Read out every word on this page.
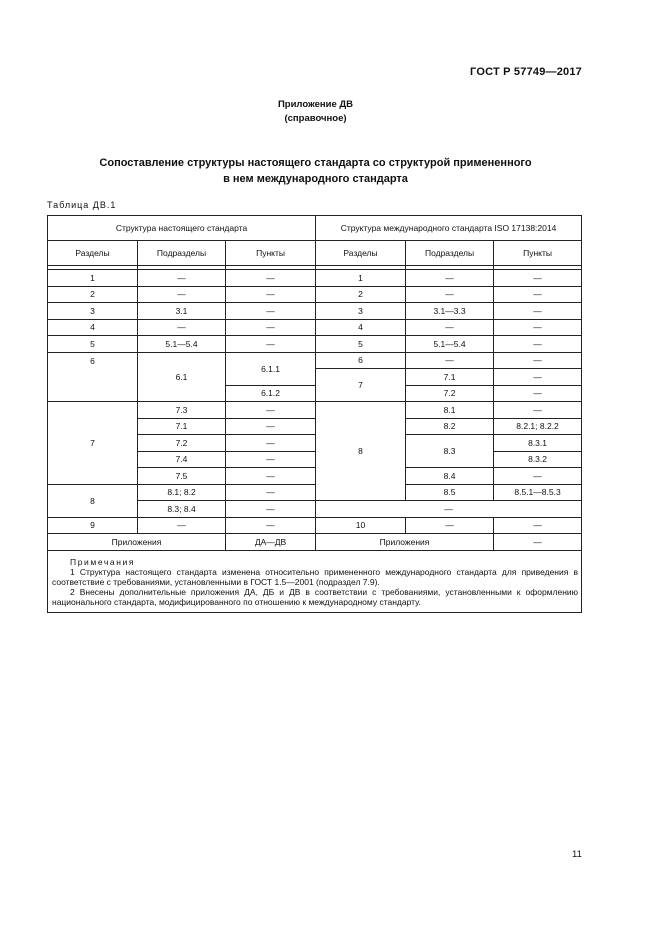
ГОСТ Р 57749—2017
Приложение ДВ
(справочное)
Сопоставление структуры настоящего стандарта со структурой примененного
в нем международного стандарта
Таблица ДВ.1
Структура настоящего стандарта			Структура международного стандарта ISO 17138:2014		
Разделы	Подразделы	Пункты	Разделы	Подразделы	Пункты

1	—	—	1	—	—
2	—	—	2	—	—
3	3.1	—	3	3.1—3.3	—
4	—	—	4	—	—
5	5.1—5.4	—	5	5.1—5.4	—
6	6.1	6.1.1	6	—	—
			7	7.1	—
		6.1.2		7.2	—
7	7.3	—	8	8.1	—
	7.1	—		8.2	8.2.1; 8.2.2
	7.2	—		8.3	8.3.1
	7.4	—			8.3.2
	7.5	—		8.4	—
8	8.1; 8.2	—		8.5	8.5.1—8.5.3
	8.3; 8.4	—	—		
9	—	—	10	—	—
Приложения		ДА—ДВ	Приложения		—

Примечания
1 Структура настоящего стандарта изменена относительно примененного международного стандарта для приведения в соответствие с требованиями, установленными в ГОСТ 1.5—2001 (подраздел 7.9).
2 Внесены дополнительные приложения ДА, ДБ и ДВ в соответствии с требованиями, установленными к оформлению национального стандарта, модифицированного по отношению к международному стандарту.					
11
